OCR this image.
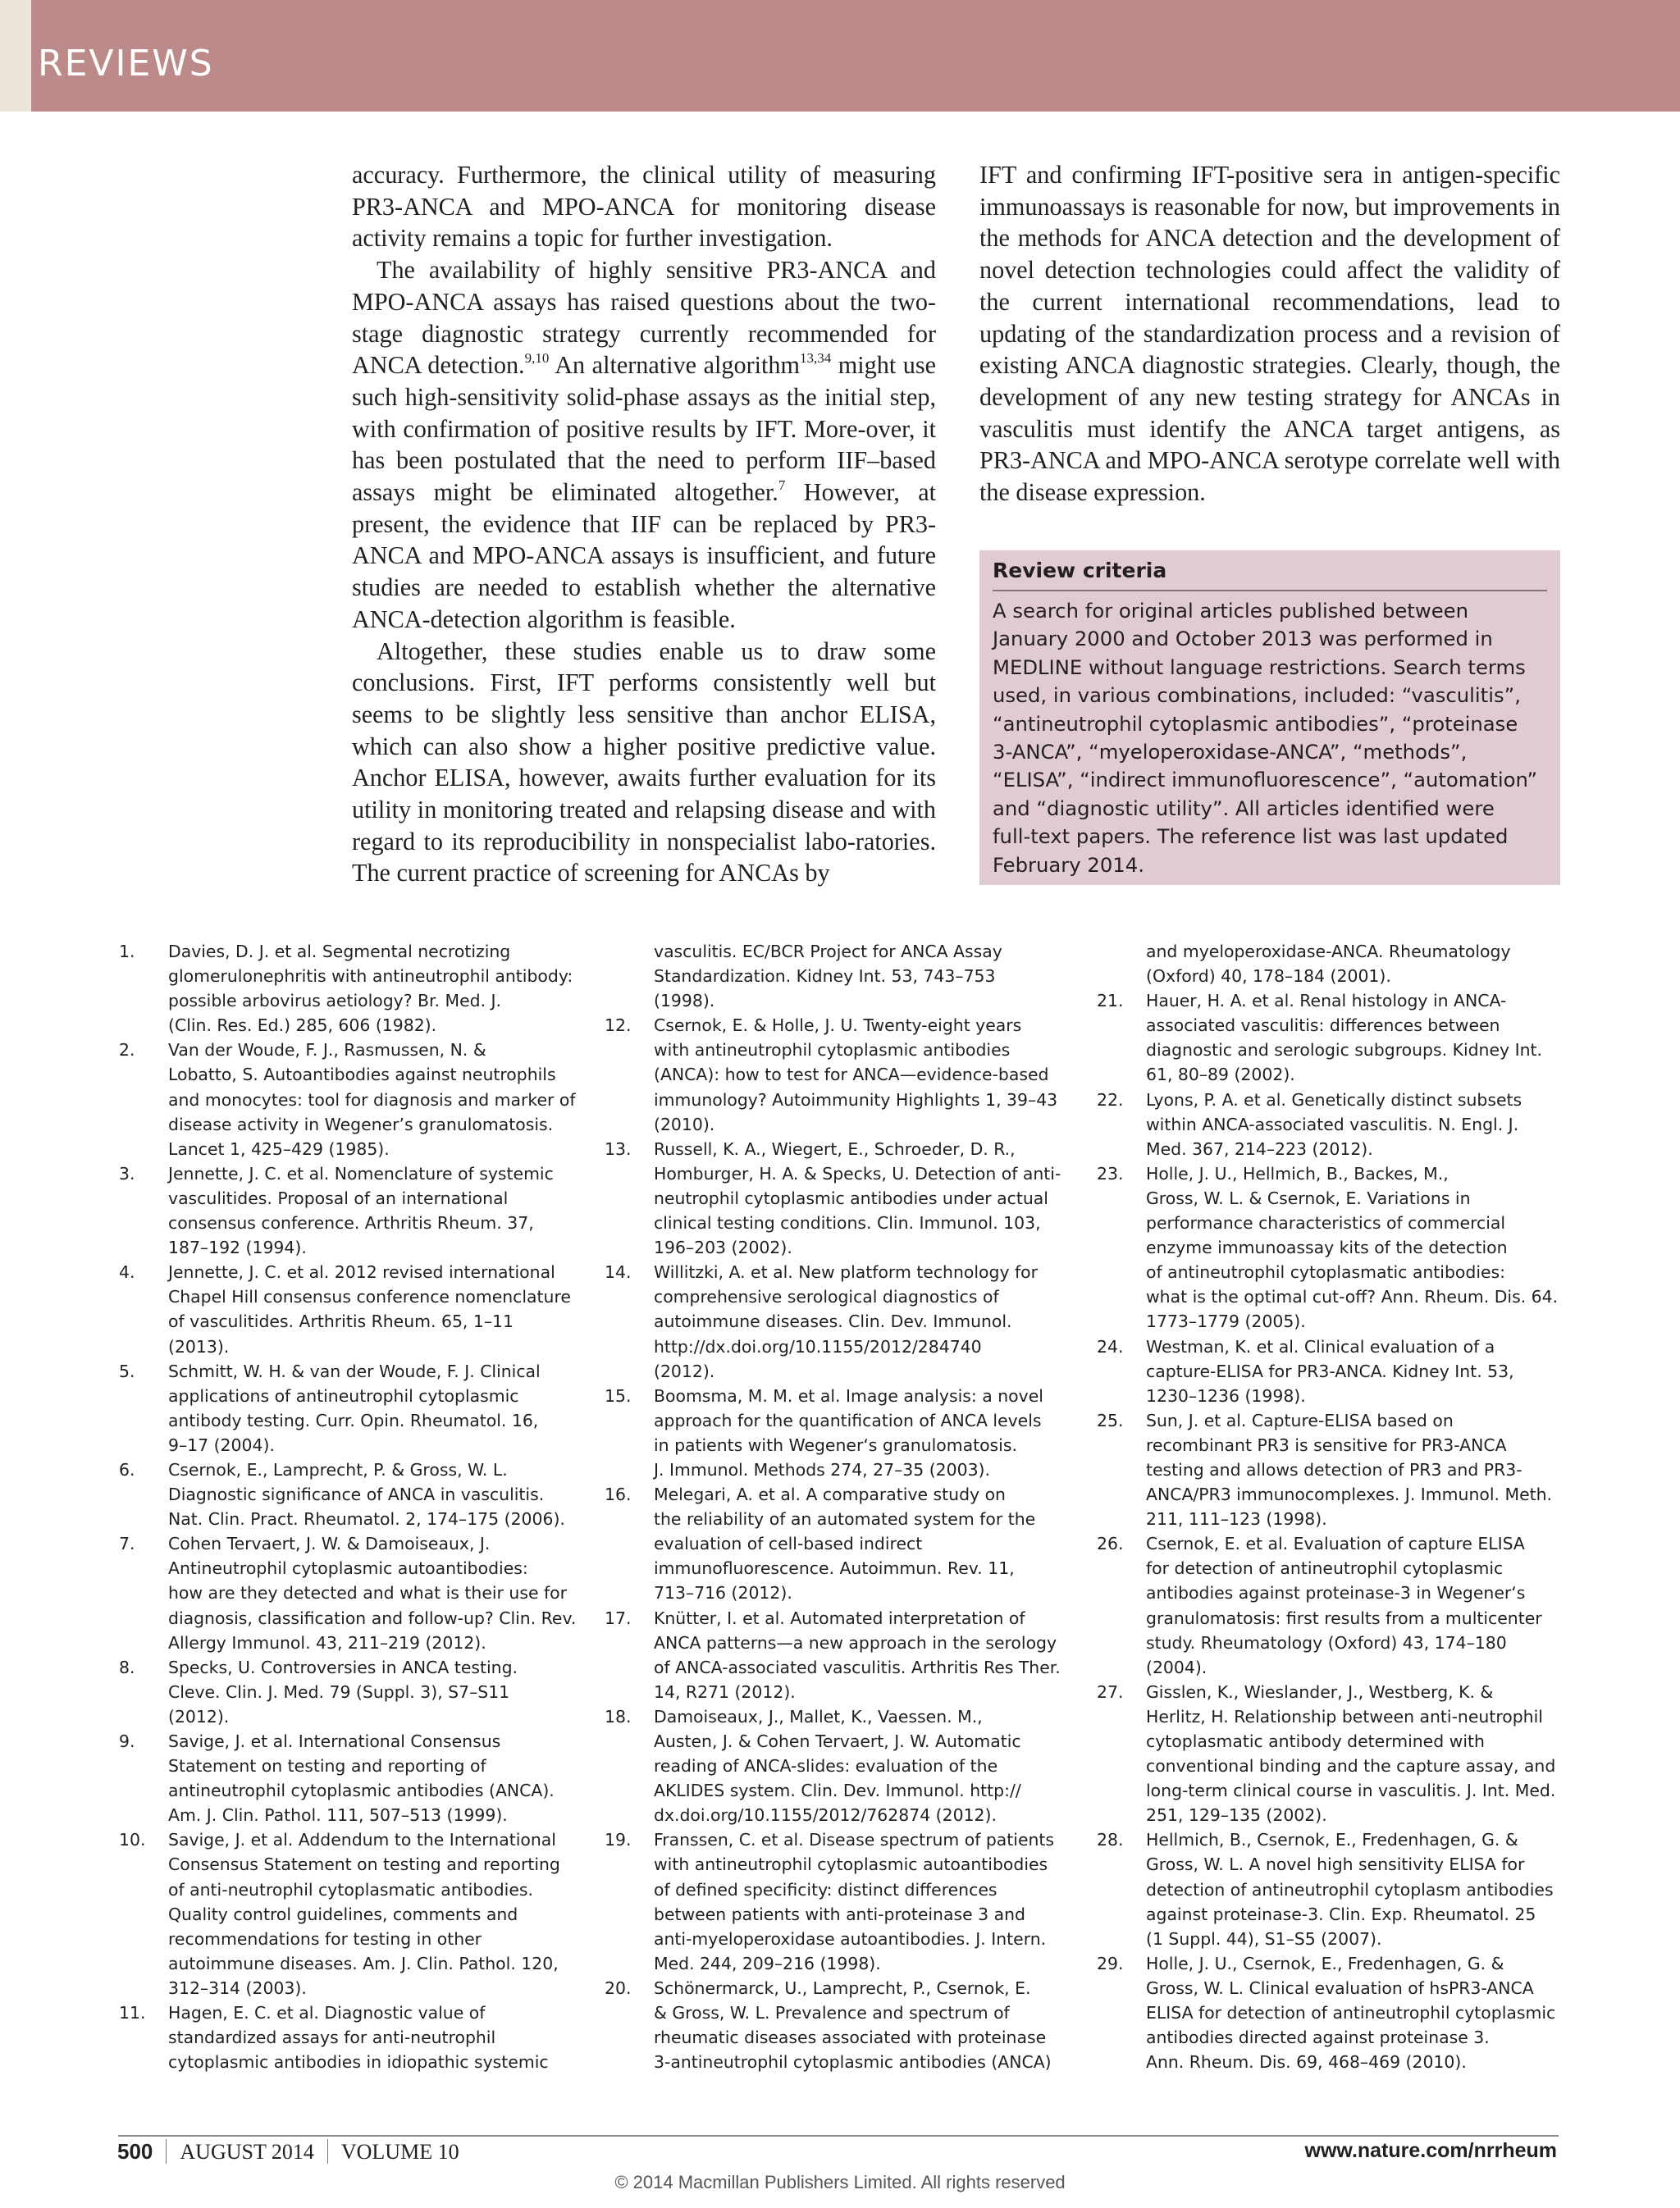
REVIEWS

accuracy. Furthermore, the clinical utility of measuring PR3-ANCA and MPO-ANCA for monitoring disease activity remains a topic for further investigation.

The availability of highly sensitive PR3-ANCA and MPO-ANCA assays has raised questions about the two-stage diagnostic strategy currently recommended for ANCA detection.$^{9,10}$ An alternative algorithm$^{13,34}$ might use such high-sensitivity solid-phase assays as the initial step, with confirmation of positive results by IFT. More-over, it has been postulated that the need to perform IIF–based assays might be eliminated altogether.$^7$ However, at present, the evidence that IIF can be replaced by PR3-ANCA and MPO-ANCA assays is insufficient, and future studies are needed to establish whether the alternative ANCA-detection algorithm is feasible.

Altogether, these studies enable us to draw some conclusions. First, IFT performs consistently well but seems to be slightly less sensitive than anchor ELISA, which can also show a higher positive predictive value. Anchor ELISA, however, awaits further evaluation for its utility in monitoring treated and relapsing disease and with regard to its reproducibility in nonspecialist labo-ratories. The current practice of screening for ANCAs by

IFT and confirming IFT-positive sera in antigen-specific immunoassays is reasonable for now, but improvements in the methods for ANCA detection and the development of novel detection technologies could affect the validity of the current international recommendations, lead to updating of the standardization process and a revision of existing ANCA diagnostic strategies. Clearly, though, the development of any new testing strategy for ANCAs in vasculitis must identify the ANCA target antigens, as PR3-ANCA and MPO-ANCA serotype correlate well with the disease expression.

Review criteria
A search for original articles published between
January 2000 and October 2013 was performed in
MEDLINE without language restrictions. Search terms
used, in various combinations, included: “vasculitis”,
“antineutrophil cytoplasmic antibodies”, “proteinase
3-ANCA”, “myeloperoxidase-ANCA”, “methods”,
“ELISA”, “indirect immunofluorescence”, “automation”
and “diagnostic utility”. All articles identified were
full-text papers. The reference list was last updated
February 2014.
1. Davies, D. J. et al. Segmental necrotizing
glomerulonephritis with antineutrophil antibody:
possible arbovirus aetiology? Br. Med. J.
(Clin. Res. Ed.) 285, 606 (1982).
2. Van der Woude, F. J., Rasmussen, N. &
Lobatto, S. Autoantibodies against neutrophils
and monocytes: tool for diagnosis and marker of
disease activity in Wegener’s granulomatosis.
Lancet 1, 425–429 (1985).
3. Jennette, J. C. et al. Nomenclature of systemic
vasculitides. Proposal of an international
consensus conference. Arthritis Rheum. 37,
187–192 (1994).
4. Jennette, J. C. et al. 2012 revised international
Chapel Hill consensus conference nomenclature
of vasculitides. Arthritis Rheum. 65, 1–11
(2013).
5. Schmitt, W. H. & van der Woude, F. J. Clinical
applications of antineutrophil cytoplasmic
antibody testing. Curr. Opin. Rheumatol. 16,
9–17 (2004).
6. Csernok, E., Lamprecht, P. & Gross, W. L.
Diagnostic significance of ANCA in vasculitis.
Nat. Clin. Pract. Rheumatol. 2, 174–175 (2006).
7. Cohen Tervaert, J. W. & Damoiseaux, J.
Antineutrophil cytoplasmic autoantibodies:
how are they detected and what is their use for
diagnosis, classification and follow-up? Clin. Rev.
Allergy Immunol. 43, 211–219 (2012).
8. Specks, U. Controversies in ANCA testing.
Cleve. Clin. J. Med. 79 (Suppl. 3), S7–S11
(2012).
9. Savige, J. et al. International Consensus
Statement on testing and reporting of
antineutrophil cytoplasmic antibodies (ANCA).
Am. J. Clin. Pathol. 111, 507–513 (1999).
10. Savige, J. et al. Addendum to the International
Consensus Statement on testing and reporting
of anti-neutrophil cytoplasmatic antibodies.
Quality control guidelines, comments and
recommendations for testing in other
autoimmune diseases. Am. J. Clin. Pathol. 120,
312–314 (2003).
11. Hagen, E. C. et al. Diagnostic value of
standardized assays for anti-neutrophil
cytoplasmic antibodies in idiopathic systemic
vasculitis. EC/BCR Project for ANCA Assay
Standardization. Kidney Int. 53, 743–753
(1998).
12. Csernok, E. & Holle, J. U. Twenty-eight years
with antineutrophil cytoplasmic antibodies
(ANCA): how to test for ANCA—evidence-based
immunology? Autoimmunity Highlights 1, 39–43
(2010).
13. Russell, K. A., Wiegert, E., Schroeder, D. R.,
Homburger, H. A. & Specks, U. Detection of anti-
neutrophil cytoplasmic antibodies under actual
clinical testing conditions. Clin. Immunol. 103,
196–203 (2002).
14. Willitzki, A. et al. New platform technology for
comprehensive serological diagnostics of
autoimmune diseases. Clin. Dev. Immunol.
http://dx.doi.org/10.1155/2012/284740
(2012).
15. Boomsma, M. M. et al. Image analysis: a novel
approach for the quantification of ANCA levels
in patients with Wegener‘s granulomatosis.
J. Immunol. Methods 274, 27–35 (2003).
16. Melegari, A. et al. A comparative study on
the reliability of an automated system for the
evaluation of cell-based indirect
immunofluorescence. Autoimmun. Rev. 11,
713–716 (2012).
17. Knütter, I. et al. Automated interpretation of
ANCA patterns—a new approach in the serology
of ANCA-associated vasculitis. Arthritis Res Ther.
14, R271 (2012).
18. Damoiseaux, J., Mallet, K., Vaessen. M.,
Austen, J. & Cohen Tervaert, J. W. Automatic
reading of ANCA-slides: evaluation of the
AKLIDES system. Clin. Dev. Immunol. http://
dx.doi.org/10.1155/2012/762874 (2012).
19. Franssen, C. et al. Disease spectrum of patients
with antineutrophil cytoplasmic autoantibodies
of defined specificity: distinct differences
between patients with anti-proteinase 3 and
anti-myeloperoxidase autoantibodies. J. Intern.
Med. 244, 209–216 (1998).
20. Schönermarck, U., Lamprecht, P., Csernok, E.
& Gross, W. L. Prevalence and spectrum of
rheumatic diseases associated with proteinase
3-antineutrophil cytoplasmic antibodies (ANCA)
and myeloperoxidase-ANCA. Rheumatology
(Oxford) 40, 178–184 (2001).
21. Hauer, H. A. et al. Renal histology in ANCA-
associated vasculitis: differences between
diagnostic and serologic subgroups. Kidney Int.
61, 80–89 (2002).
22. Lyons, P. A. et al. Genetically distinct subsets
within ANCA-associated vasculitis. N. Engl. J.
Med. 367, 214–223 (2012).
23. Holle, J. U., Hellmich, B., Backes, M.,
Gross, W. L. & Csernok, E. Variations in
performance characteristics of commercial
enzyme immunoassay kits of the detection
of antineutrophil cytoplasmatic antibodies:
what is the optimal cut-off? Ann. Rheum. Dis. 64.
1773–1779 (2005).
24. Westman, K. et al. Clinical evaluation of a
capture-ELISA for PR3-ANCA. Kidney Int. 53,
1230–1236 (1998).
25. Sun, J. et al. Capture-ELISA based on
recombinant PR3 is sensitive for PR3-ANCA
testing and allows detection of PR3 and PR3-
ANCA/PR3 immunocomplexes. J. Immunol. Meth.
211, 111–123 (1998).
26. Csernok, E. et al. Evaluation of capture ELISA
for detection of antineutrophil cytoplasmic
antibodies against proteinase-3 in Wegener‘s
granulomatosis: first results from a multicenter
study. Rheumatology (Oxford) 43, 174–180
(2004).
27. Gisslen, K., Wieslander, J., Westberg, K. &
Herlitz, H. Relationship between anti-neutrophil
cytoplasmatic antibody determined with
conventional binding and the capture assay, and
long-term clinical course in vasculitis. J. Int. Med.
251, 129–135 (2002).
28. Hellmich, B., Csernok, E., Fredenhagen, G. &
Gross, W. L. A novel high sensitivity ELISA for
detection of antineutrophil cytoplasm antibodies
against proteinase-3. Clin. Exp. Rheumatol. 25
(1 Suppl. 44), S1–S5 (2007).
29. Holle, J. U., Csernok, E., Fredenhagen, G. &
Gross, W. L. Clinical evaluation of hsPR3-ANCA
ELISA for detection of antineutrophil cytoplasmic
antibodies directed against proteinase 3.
Ann. Rheum. Dis. 69, 468–469 (2010).
500 AUGUST 2014 VOLUME 10	www.nature.com/nrrheum
© 2014 Macmillan Publishers Limited. All rights reserved
